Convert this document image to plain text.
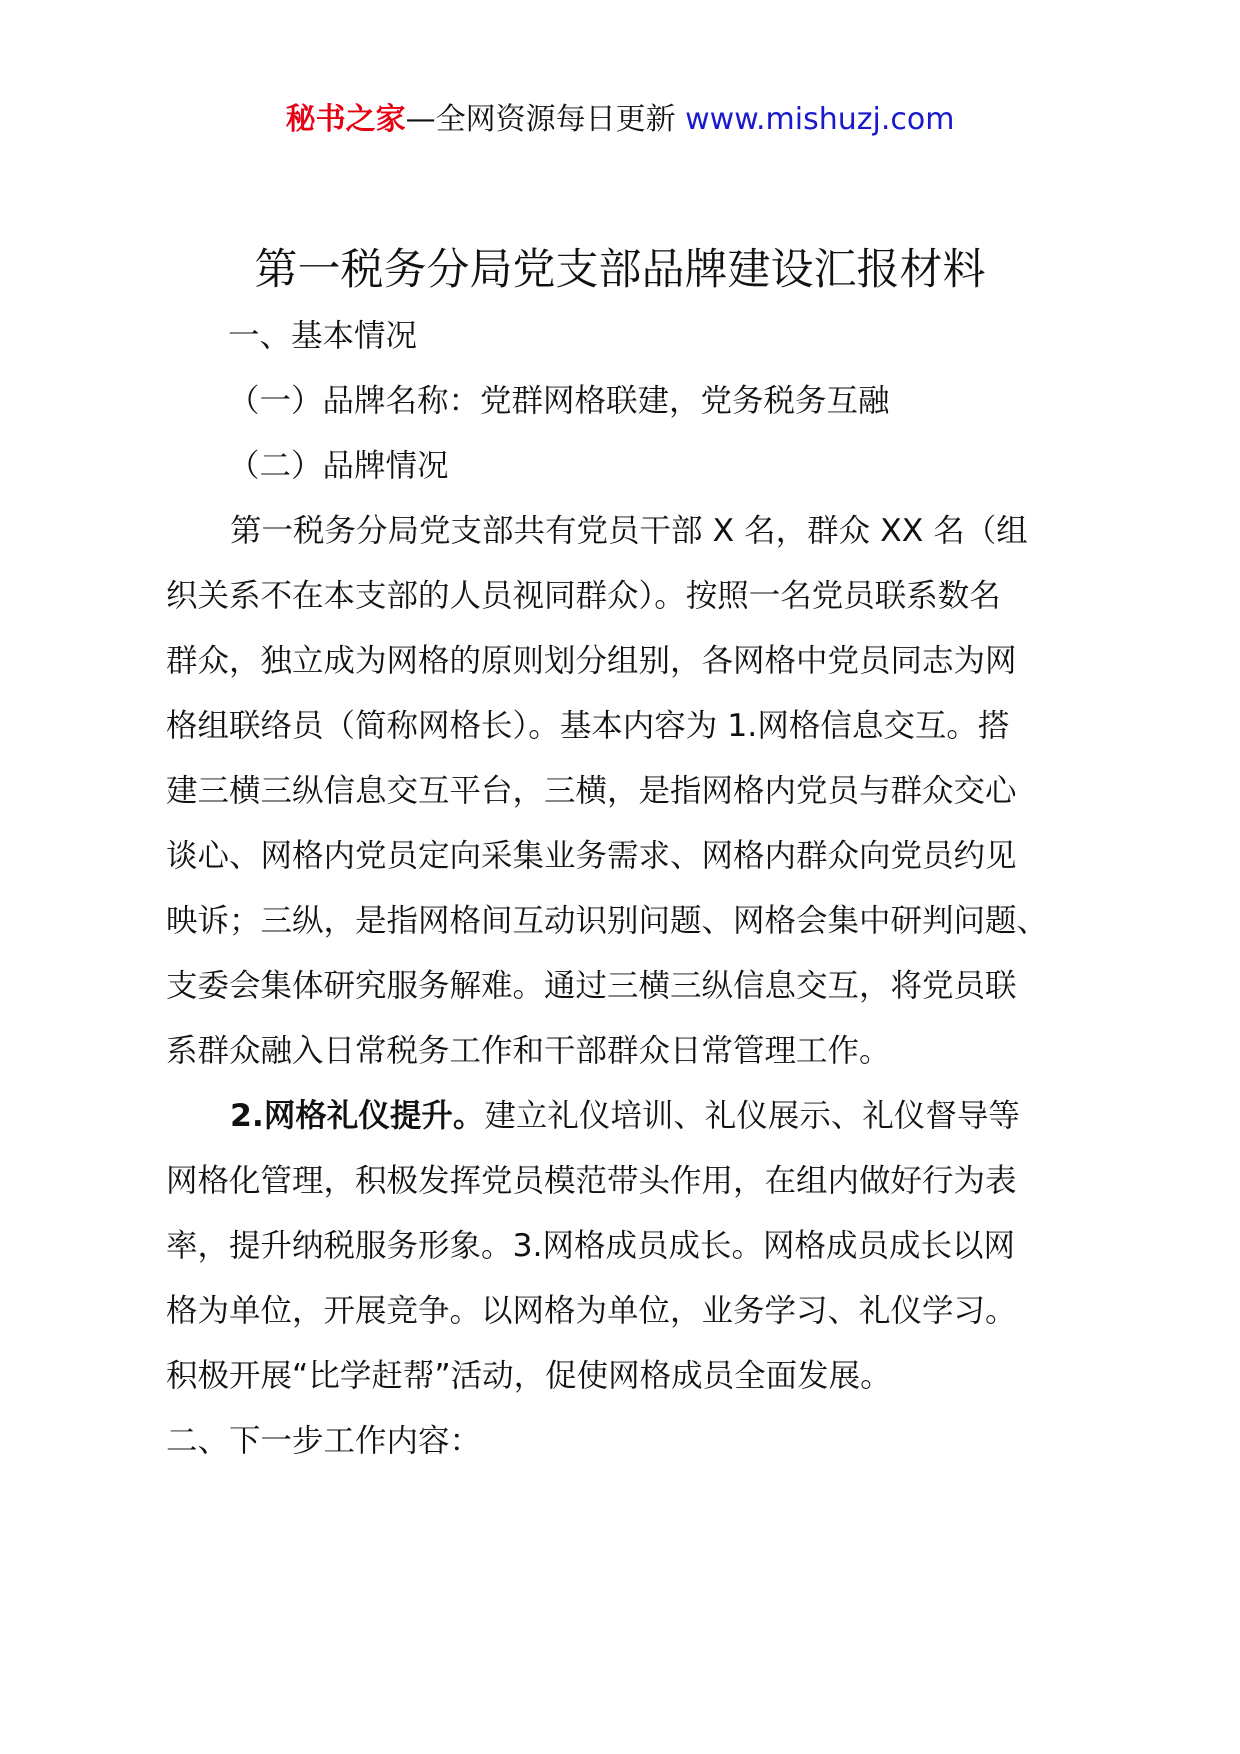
秘书之家—全网资源每日更新 www.mishuzj.com
第一税务分局党支部品牌建设汇报材料
一、基本情况
（一）品牌名称：党群网格联建，党务税务互融
（二）品牌情况
第一税务分局党支部共有党员干部 X 名，群众 XX 名（组
织关系不在本支部的人员视同群众）。按照一名党员联系数名
群众，独立成为网格的原则划分组别，各网格中党员同志为网
格组联络员（简称网格长）。基本内容为 1.网格信息交互。搭
建三横三纵信息交互平台，三横，是指网格内党员与群众交心
谈心、网格内党员定向采集业务需求、网格内群众向党员约见
映诉；三纵，是指网格间互动识别问题、网格会集中研判问题、
支委会集体研究服务解难。通过三横三纵信息交互，将党员联
系群众融入日常税务工作和干部群众日常管理工作。
2.网格礼仪提升。建立礼仪培训、礼仪展示、礼仪督导等
网格化管理，积极发挥党员模范带头作用，在组内做好行为表
率，提升纳税服务形象。3.网格成员成长。网格成员成长以网
格为单位，开展竞争。以网格为单位，业务学习、礼仪学习。
积极开展“比学赶帮”活动，促使网格成员全面发展。
二、下一步工作内容：
